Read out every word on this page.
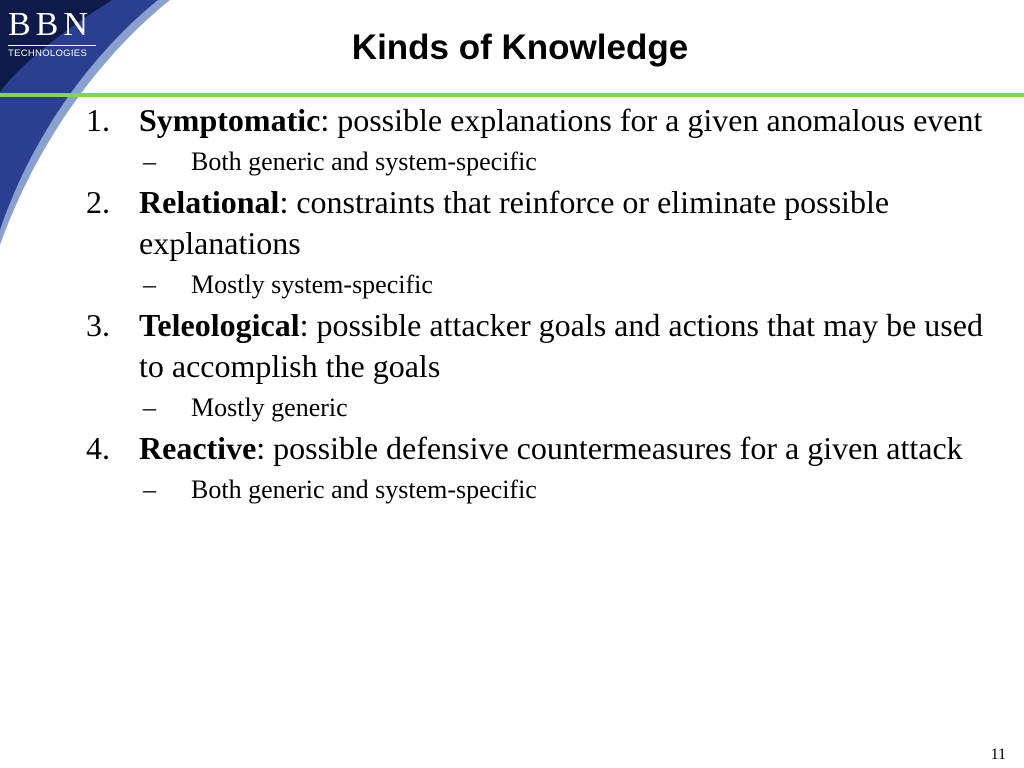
BBN
TECHNOLOGIES	Kinds of Knowledge
1. Symptomatic: possible explanations for a given anomalous event
– Both generic and system-specific
2. Relational: constraints that reinforce or eliminate possible explanations
– Mostly system-specific
3. Teleological: possible attacker goals and actions that may be used to accomplish the goals
– Mostly generic
4. Reactive: possible defensive countermeasures for a given attack
– Both generic and system-specific
11
